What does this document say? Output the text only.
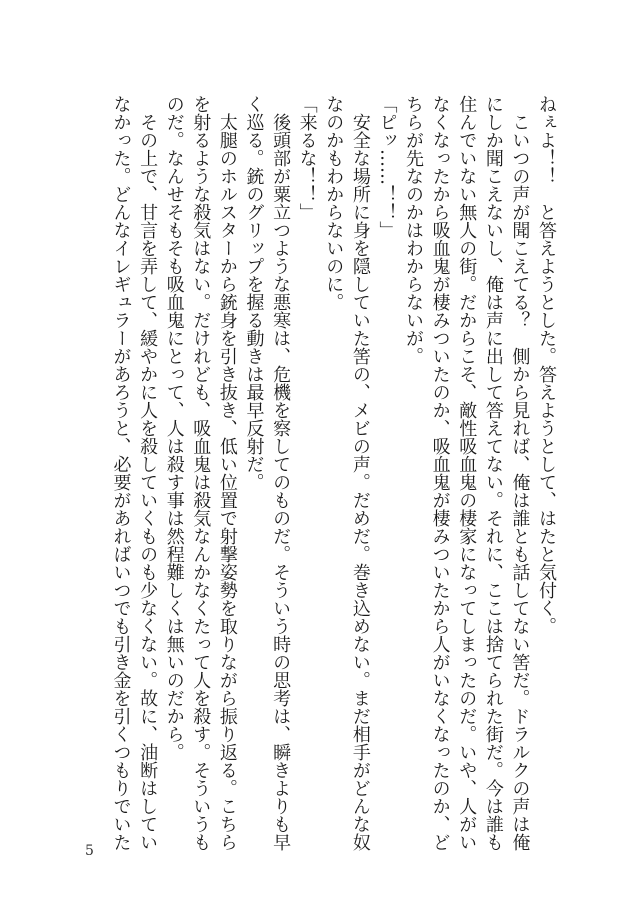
ねぇよ！！　と答えようとした。答えようとして、はたと気付く。
　こいつの声が聞こえてる？　側から見れば、俺は誰とも話してない筈だ。ドラルクの声は俺
にしか聞こえないし、俺は声に出して答えてない。それに、ここは捨てられた街だ。今は誰も
住んでいない無人の街。だからこそ、敵性吸血鬼の棲家になってしまったのだ。いや、人がい
なくなったから吸血鬼が棲みついたのか、吸血鬼が棲みついたから人がいなくなったのか、ど
ちらが先なのかはわからないが。
「ピッ……！！」
　安全な場所に身を隠していた筈の、メビの声。だめだ。巻き込めない。まだ相手がどんな奴
なのかもわからないのに。
「来るな！！」
　後頭部が粟立つような悪寒は、危機を察してのものだ。そういう時の思考は、瞬きよりも早
く巡る。銃のグリップを握る動きは最早反射だ。
　太腿のホルスターから銃身を引き抜き、低い位置で射撃姿勢を取りながら振り返る。こちら
を射るような殺気はない。だけれども、吸血鬼は殺気なんかなくたって人を殺す。そういうも
のだ。なんせそもそも吸血鬼にとって、人は殺す事は然程難しくは無いのだから。
　その上で、甘言を弄して、緩やかに人を殺していくものも少なくない。故に、油断はしてい
なかった。どんなイレギュラーがあろうと、必要があればいつでも引き金を引くつもりでいた
5
